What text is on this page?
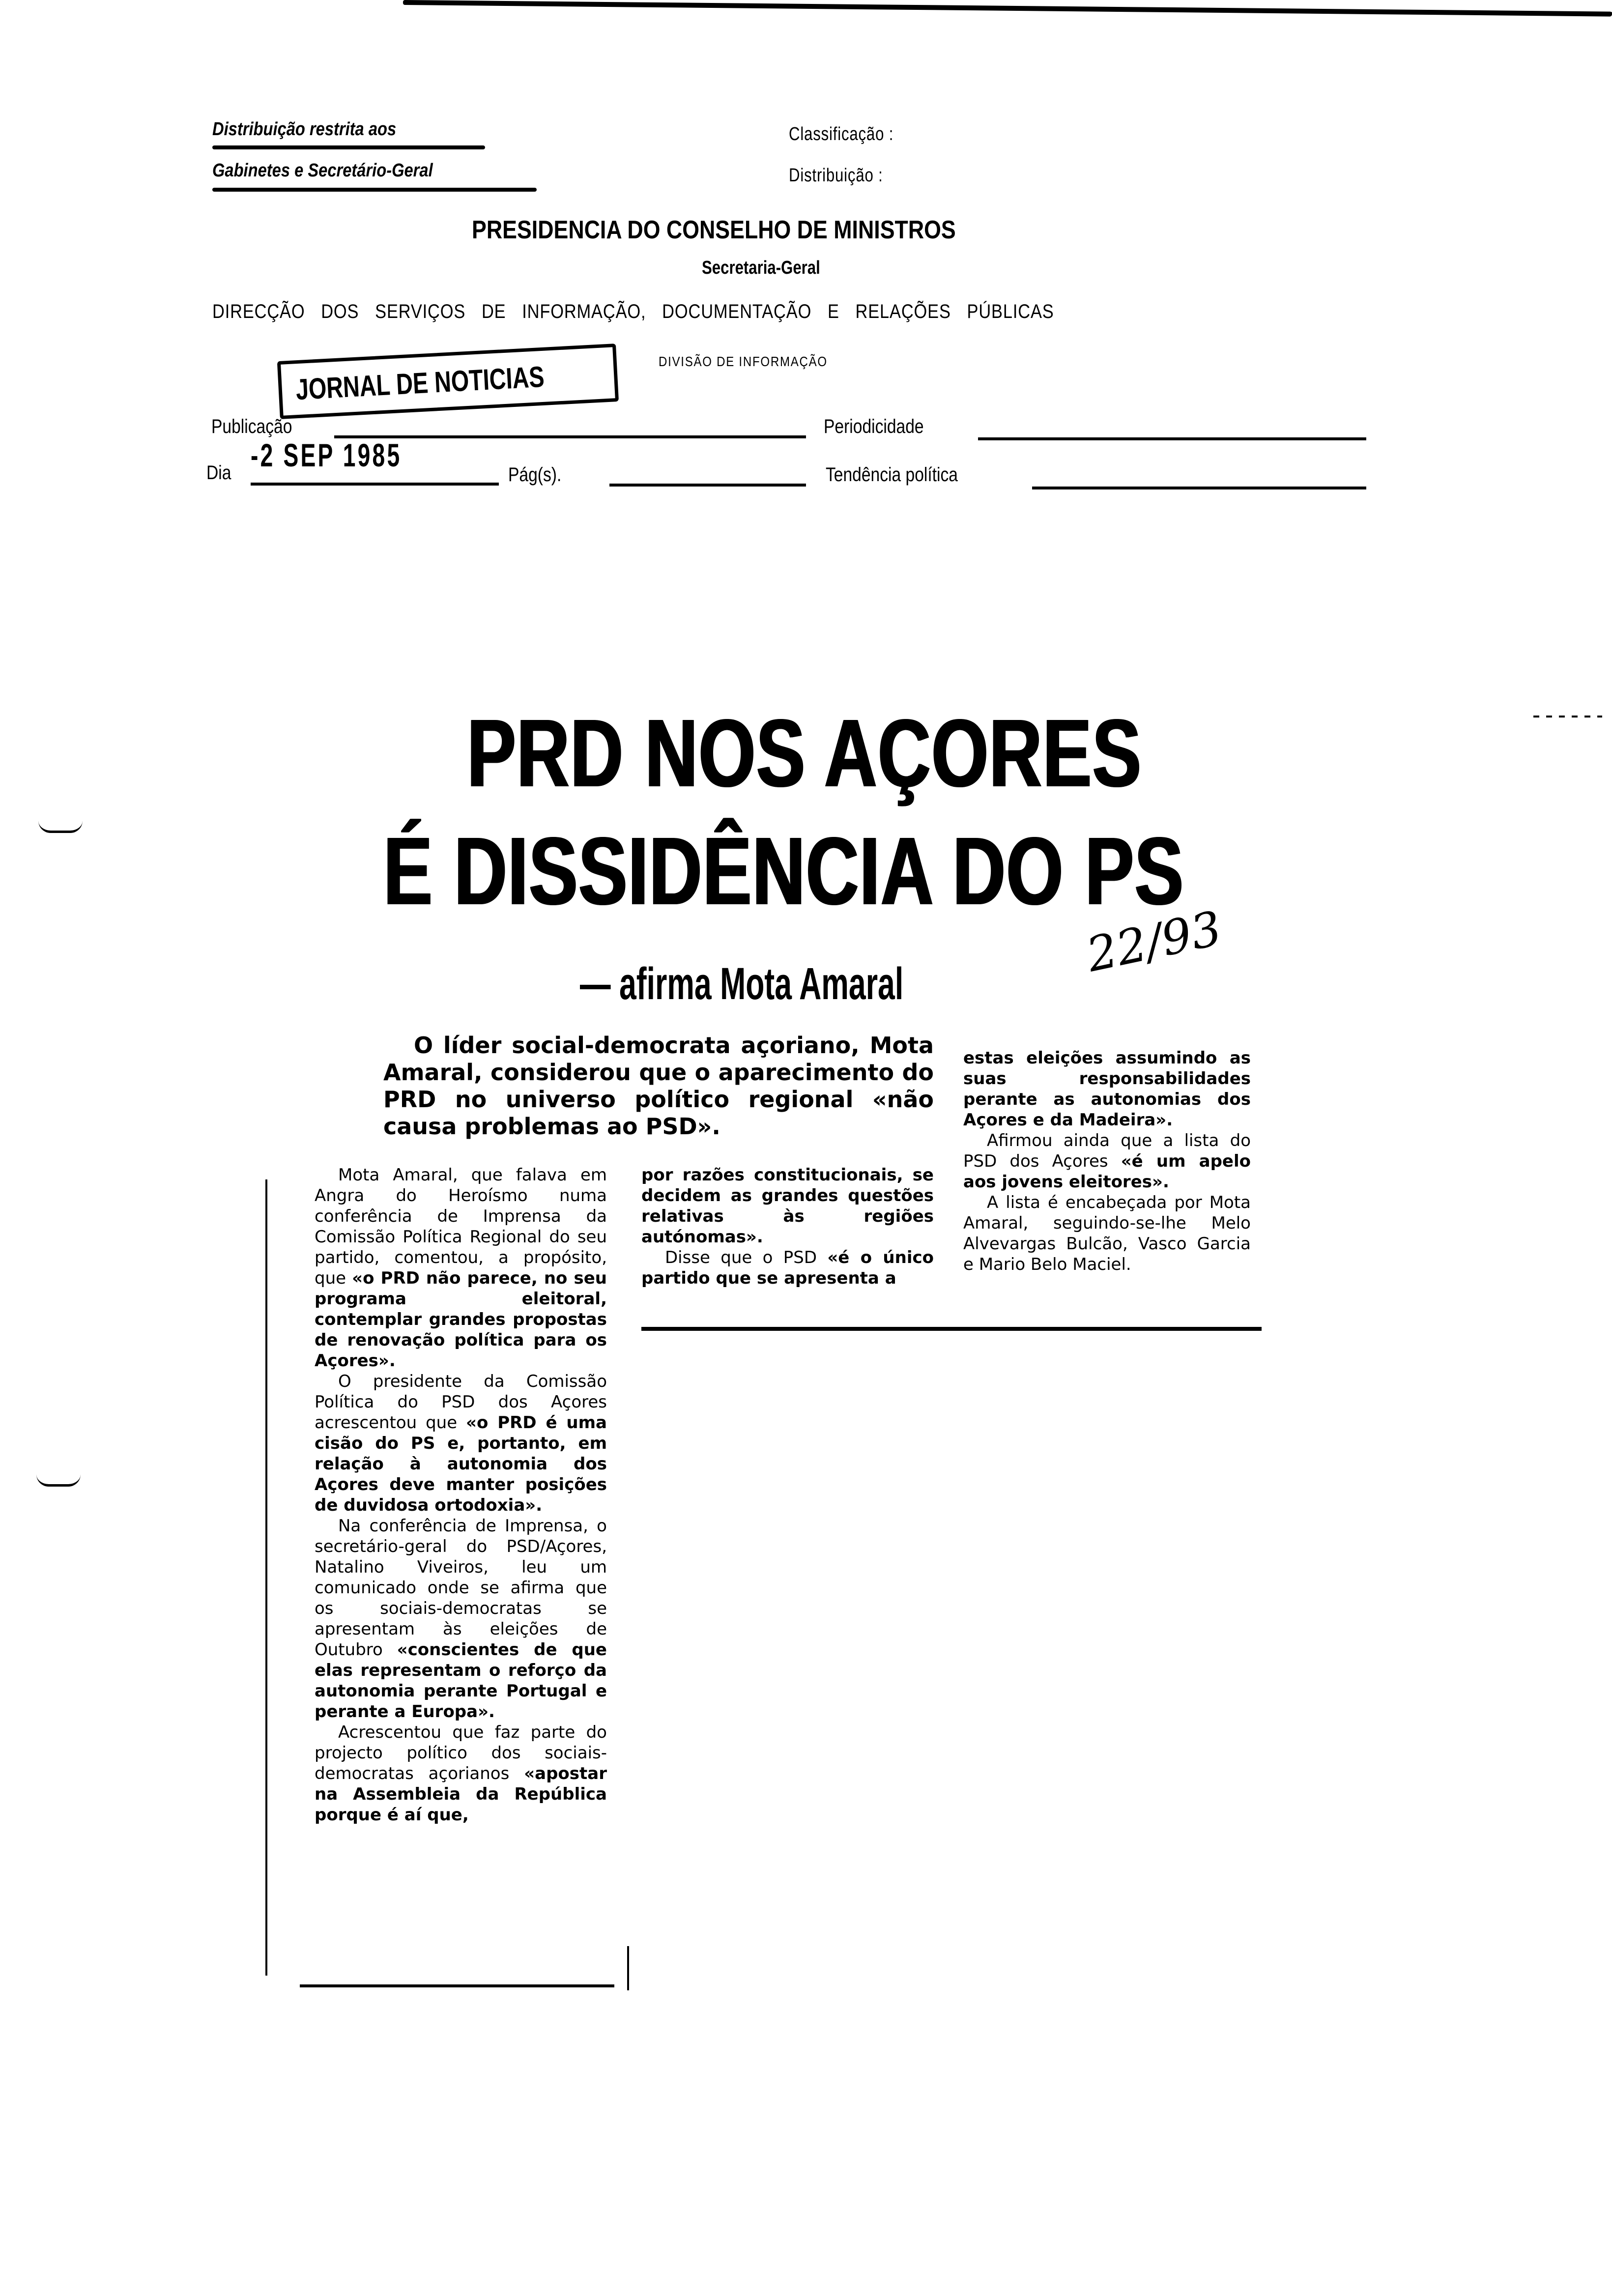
Distribuição restrita aos
Gabinetes e Secretário-Geral
Classificação :
Distribuição :
PRESIDENCIA DO CONSELHO DE MINISTROS
Secretaria-Geral
DIRECÇÃO DOS SERVIÇOS DE INFORMAÇÃO, DOCUMENTAÇÃO E RELAÇÕES PÚBLICAS
DIVISÃO DE INFORMAÇÃO
JORNAL DE NOTICIAS
Publicação	Periodicidade
Dia -2 SEP 1985
Pág(s).	Tendência política
PRD NOS AÇORES
É DISSIDÊNCIA DO PS
— afirma Mota Amaral
22/93
O líder social-democrata açoriano, Mota Amaral, considerou que o aparecimento do PRD no universo político regional «não causa problemas ao PSD».

Mota Amaral, que falava em Angra do Heroísmo numa conferência de Imprensa da Comissão Política Regional do seu partido, comentou, a propósito, que «o PRD não parece, no seu programa eleitoral, contemplar grandes propostas de renovação política para os Açores».

O presidente da Comissão Política do PSD dos Açores acrescentou que «o PRD é uma cisão do PS e, portanto, em relação à autonomia dos Açores deve manter posições de duvidosa ortodoxia».

Na conferência de Imprensa, o secretário-geral do PSD/Açores, Natalino Viveiros, leu um comunicado onde se afirma que os sociais-democratas se apresentam às eleições de Outubro «conscientes de que elas representam o reforço da autonomia perante Portugal e perante a Europa».

Acrescentou que faz parte do projecto político dos sociais-democratas açorianos «apostar na Assembleia da República porque é aí que,

por razões constitucionais, se decidem as grandes questões relativas às regiões autónomas».

Disse que o PSD «é o único partido que se apresenta a

estas eleições assumindo as suas responsabilidades perante as autonomias dos Açores e da Madeira».

Afirmou ainda que a lista do PSD dos Açores «é um apelo aos jovens eleitores».

A lista é encabeçada por Mota Amaral, seguindo-se-lhe Melo Alvevargas Bulcão, Vasco Garcia e Mario Belo Maciel.
